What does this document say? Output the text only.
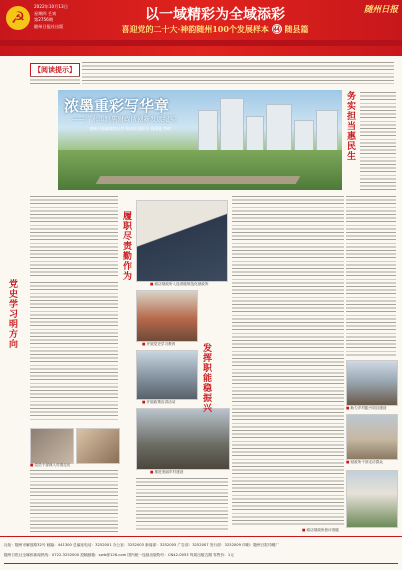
☭
2022年10月13日
星期四 壬寅
第2756期
随州日报社出版
以一域精彩为全域添彩
喜迎党的二十大·神韵随州100个发展样本 ㊹ 随县篇
随州日报
【阅读提示】
浓墨重彩写华章
——广水市骆店财政所创新发展纪实
随州日报融媒体记者 张诗雨 通讯员 周泓斐 李明
务实担当惠民生
党史学习明方向
■ 党员干部深入村湾走访
履职尽责勤作为
■ 骆店财政所入选省级规范化财政所
■ 开展党史学习教育
■ 开展政策宣讲活动
■ 推进美丽乡村建设
发挥职能稳振兴
■	助力乡村振兴项目建设
■ 财政所干部走访群众
■ 骆店财政所获评省级
社址：随州市解放路32号 邮编：441300 总编室电话：3252001 办公室：3252003 新闻部：3252005 广告部：3252007 发行部：3252009 印刷：随州日报印刷厂
随州日报社全媒体新闻热线：0722-3252000 投稿邮箱：szrb@126.com 国内统一连续出版物号：CN42-0053 每周出版五期 零售价：1元
